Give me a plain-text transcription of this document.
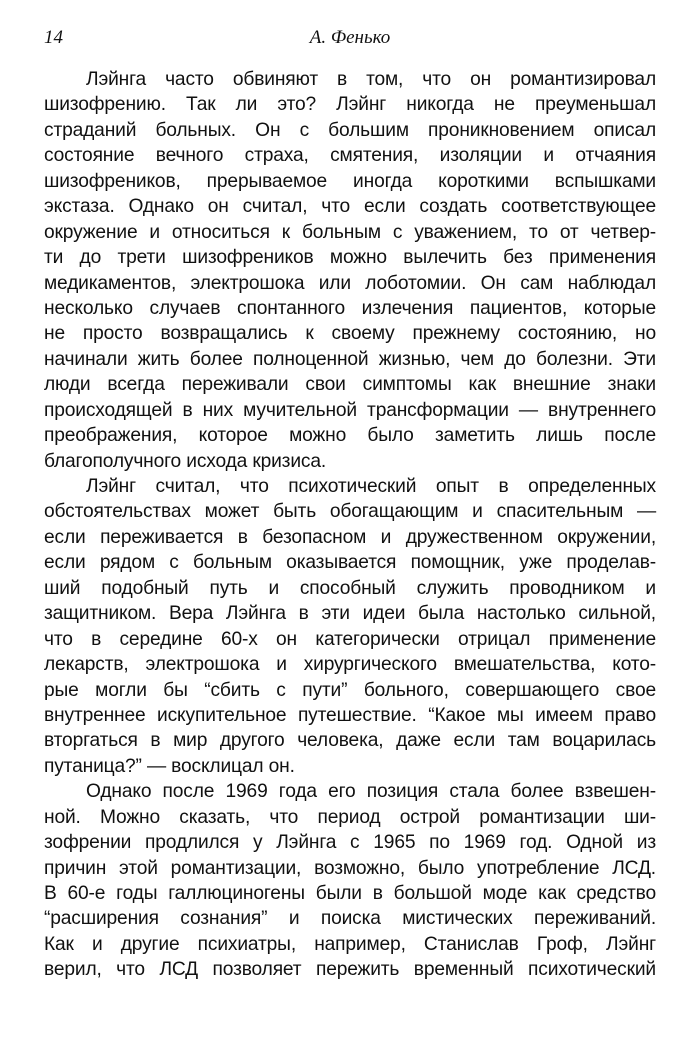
14	А. Фенько
Лэйнга часто обвиняют в том, что он романтизировал
шизофрению. Так ли это? Лэйнг никогда не преуменьшал
страданий больных. Он с большим проникновением описал
состояние вечного страха, смятения, изоляции и отчаяния
шизофреников, прерываемое иногда короткими вспышками
экстаза. Однако он считал, что если создать соответствующее
окружение и относиться к больным с уважением, то от четвер-
ти до трети шизофреников можно вылечить без применения
медикаментов, электрошока или лоботомии. Он сам наблюдал
несколько случаев спонтанного излечения пациентов, которые
не просто возвращались к своему прежнему состоянию, но
начинали жить более полноценной жизнью, чем до болезни. Эти
люди всегда переживали свои симптомы как внешние знаки
происходящей в них мучительной трансформации — внутреннего
преображения, которое можно было заметить лишь после
благополучного исхода кризиса.
Лэйнг считал, что психотический опыт в определенных
обстоятельствах может быть обогащающим и спасительным —
если переживается в безопасном и дружественном окружении,
если рядом с больным оказывается помощник, уже проделав-
ший подобный путь и способный служить проводником и
защитником. Вера Лэйнга в эти идеи была настолько сильной,
что в середине 60-х он категорически отрицал применение
лекарств, электрошока и хирургического вмешательства, кото-
рые могли бы “сбить с пути” больного, совершающего свое
внутреннее искупительное путешествие. “Какое мы имеем право
вторгаться в мир другого человека, даже если там воцарилась
путаница?” — восклицал он.
Однако после 1969 года его позиция стала более взвешен-
ной. Можно сказать, что период острой романтизации ши-
зофрении продлился у Лэйнга с 1965 по 1969 год. Одной из
причин этой романтизации, возможно, было употребление ЛСД.
В 60-е годы галлюциногены были в большой моде как средство
“расширения сознания” и поиска мистических переживаний.
Как и другие психиатры, например, Станислав Гроф, Лэйнг
верил, что ЛСД позволяет пережить временный психотический
